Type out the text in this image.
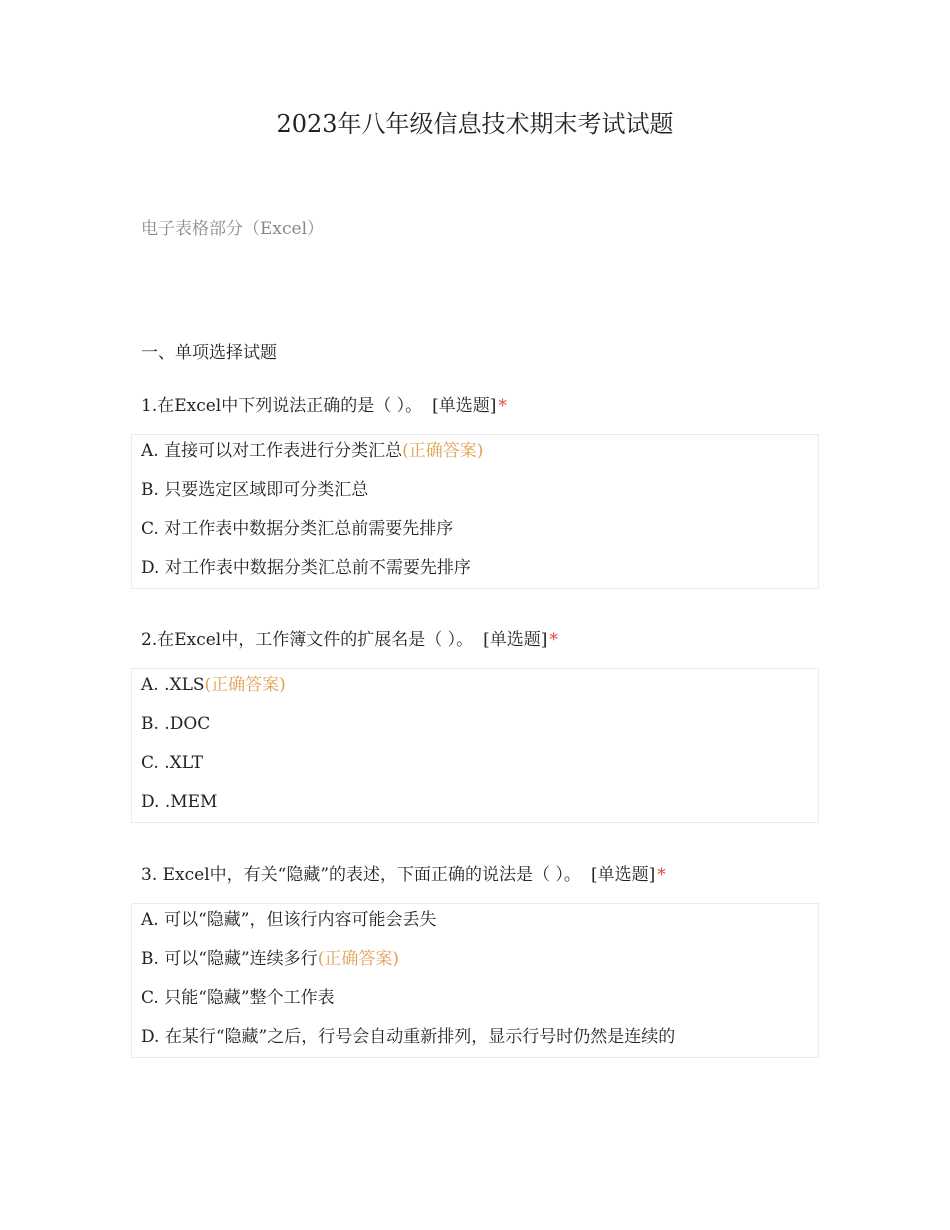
2023年八年级信息技术期末考试试题
电子表格部分（Excel）
一、单项选择试题
1.在Excel中下列说法正确的是（ ）。 [单选题] *
A. 直接可以对工作表进行分类汇总(正确答案)
B. 只要选定区域即可分类汇总
C. 对工作表中数据分类汇总前需要先排序
D. 对工作表中数据分类汇总前不需要先排序
2.在Excel中，工作簿文件的扩展名是（ ）。 [单选题] *
A. .XLS(正确答案)
B. .DOC
C. .XLT
D. .MEM
3. Excel中，有关“隐藏”的表述，下面正确的说法是（ ）。 [单选题] *
A. 可以“隐藏”，但该行内容可能会丢失
B. 可以“隐藏”连续多行(正确答案)
C. 只能“隐藏”整个工作表
D. 在某行“隐藏”之后，行号会自动重新排列，显示行号时仍然是连续的
